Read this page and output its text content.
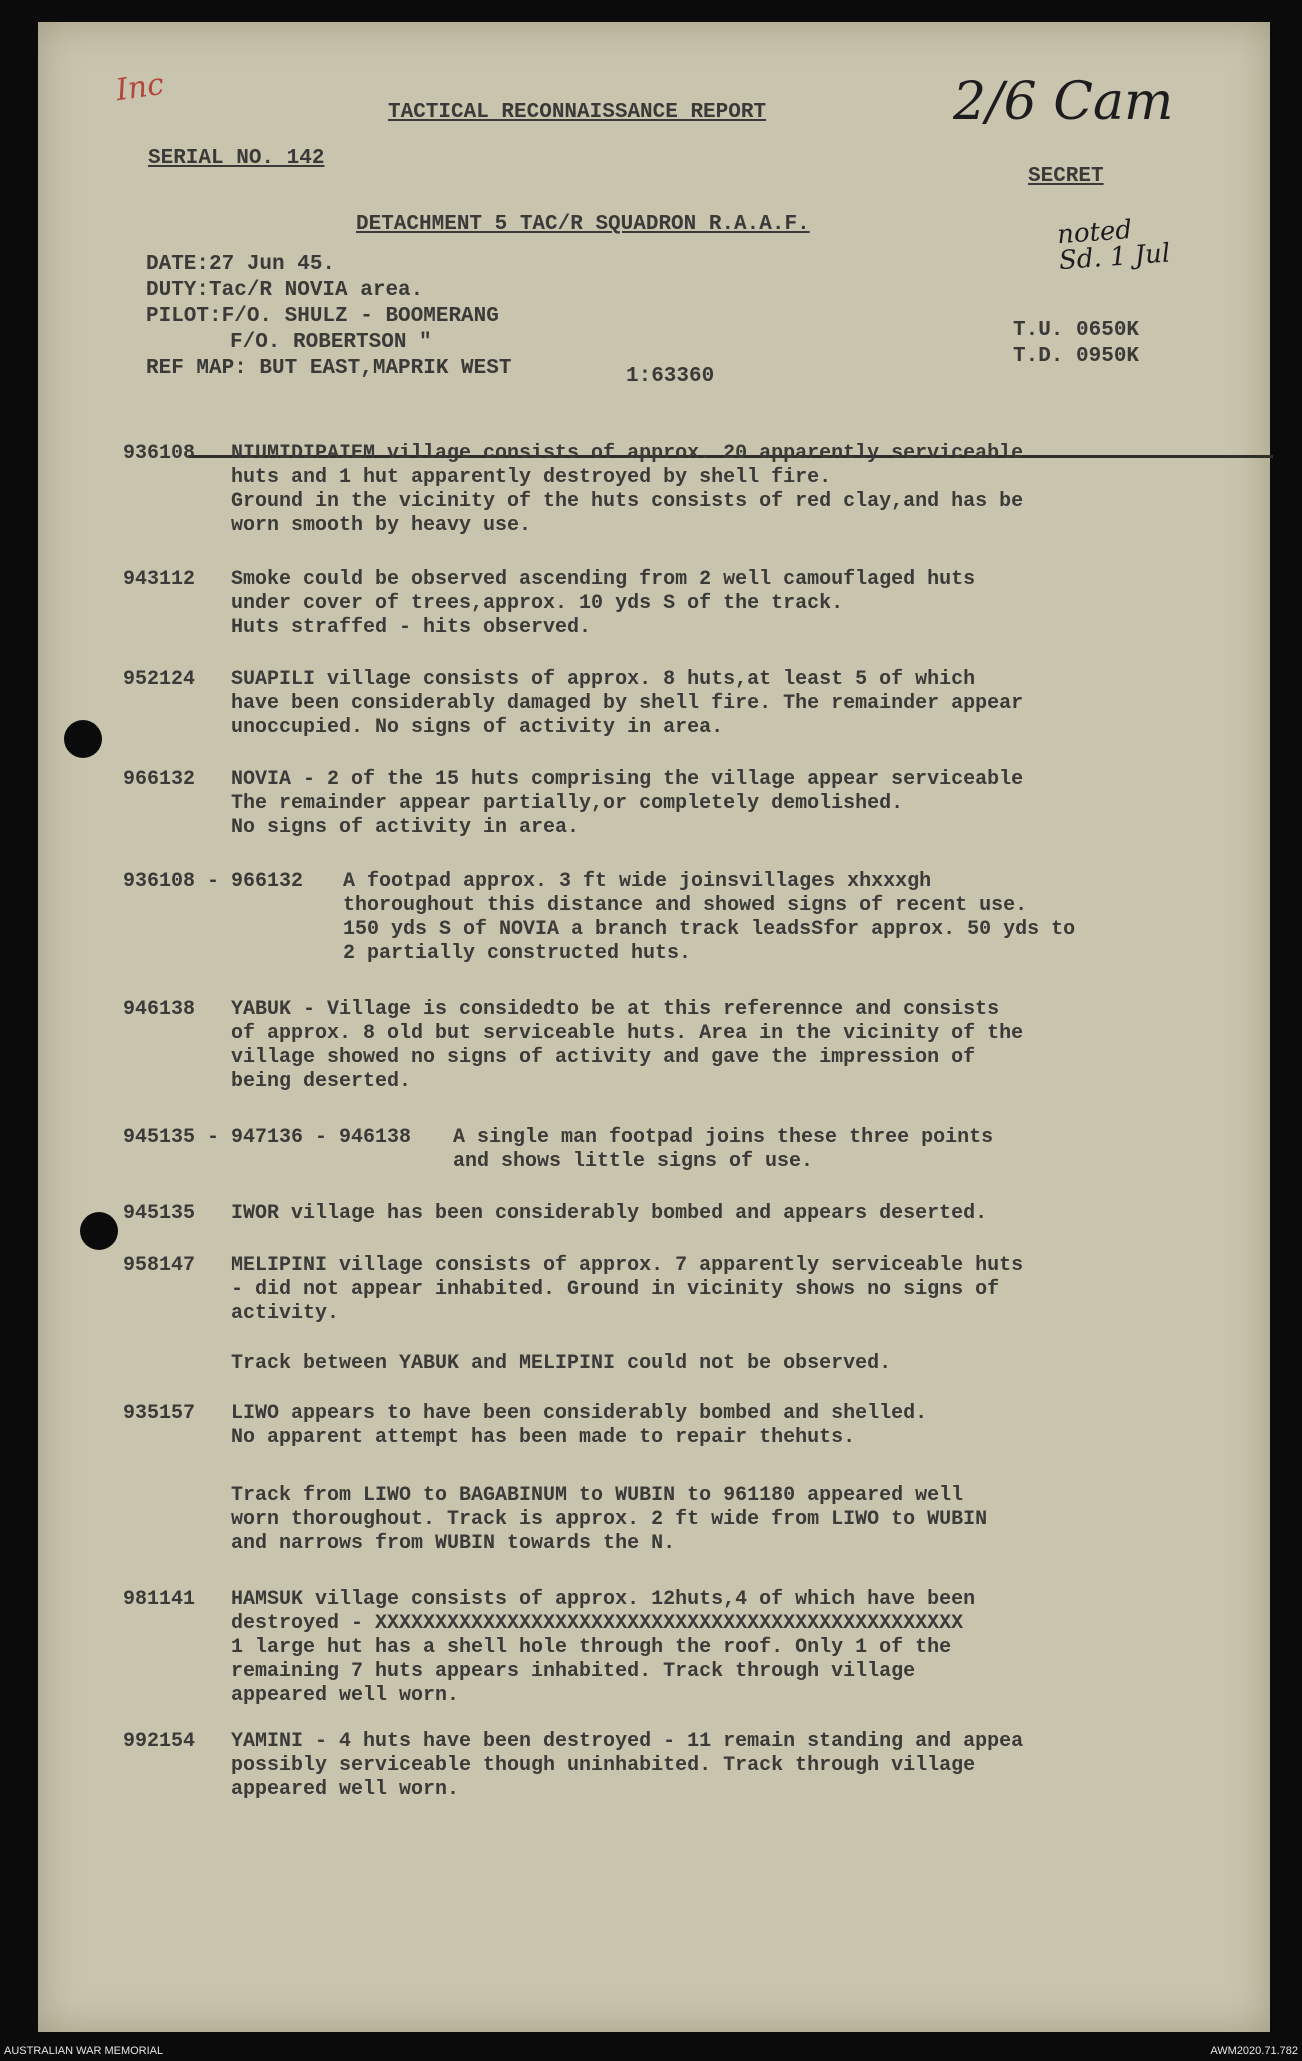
Inc	2/6 Cam
noted Sd. 1 Jul
TACTICAL RECONNAISSANCE REPORT
SERIAL NO. 142
SECRET
DETACHMENT 5 TAC/R SQUADRON R.A.A.F.
DATE:27 Jun 45.
DUTY:Tac/R NOVIA area.
PILOT:F/O. SHULZ - BOOMERANG
F/O. ROBERTSON "
REF MAP: BUT EAST,MAPRIK WEST	1:63360
T.U. 0650K
T.D. 0950K
936108 NIUMIDIPAIEM village consists of approx. 20 apparently serviceable
huts and 1 hut apparently destroyed by shell fire.
Ground in the vicinity of the huts consists of red clay,and has be
worn smooth by heavy use.
943112 Smoke could be observed ascending from 2 well camouflaged huts
under cover of trees,approx. 10 yds S of the track.
Huts straffed - hits observed.
952124 SUAPILI village consists of approx. 8 huts,at least 5 of which
have been considerably damaged by shell fire. The remainder appear
unoccupied. No signs of activity in area.
966132 NOVIA - 2 of the 15 huts comprising the village appear serviceable
The remainder appear partially,or completely demolished.
No signs of activity in area.
936108 - 966132 A footpad approx. 3 ft wide joinsvillages xhxxxgh
thoroughout this distance and showed signs of recent use.
150 yds S of NOVIA a branch track leadsSfor approx. 50 yds to
2 partially constructed huts.
946138 YABUK - Village is considedto be at this referennce and consists
of approx. 8 old but serviceable huts. Area in the vicinity of the
village showed no signs of activity and gave the impression of
being deserted.
945135 - 947136 - 946138 A single man footpad joins these three points
and shows little signs of use.
945135 IWOR village has been considerably bombed and appears deserted.
958147 MELIPINI village consists of approx. 7 apparently serviceable huts
- did not appear inhabited. Ground in vicinity shows no signs of
activity.
Track between YABUK and MELIPINI could not be observed.
935157 LIWO appears to have been considerably bombed and shelled.
No apparent attempt has been made to repair thehuts.
Track from LIWO to BAGABINUM to WUBIN to 961180 appeared well
worn thoroughout. Track is approx. 2 ft wide from LIWO to WUBIN
and narrows from WUBIN towards the N.
981141 HAMSUK village consists of approx. 12huts,4 of which have been
destroyed - XXXXXXXXXXXXXXXXXXXXXXXXXXXXXXXXXXXXXXXXXXXXXXXXX
1 large hut has a shell hole through the roof. Only 1 of the
remaining 7 huts appears inhabited. Track through village
appeared well worn.
992154 YAMINI - 4 huts have been destroyed - 11 remain standing and appea
possibly serviceable though uninhabited. Track through village
appeared well worn.
AUSTRALIAN WAR MEMORIAL	AWM2020.71.782
